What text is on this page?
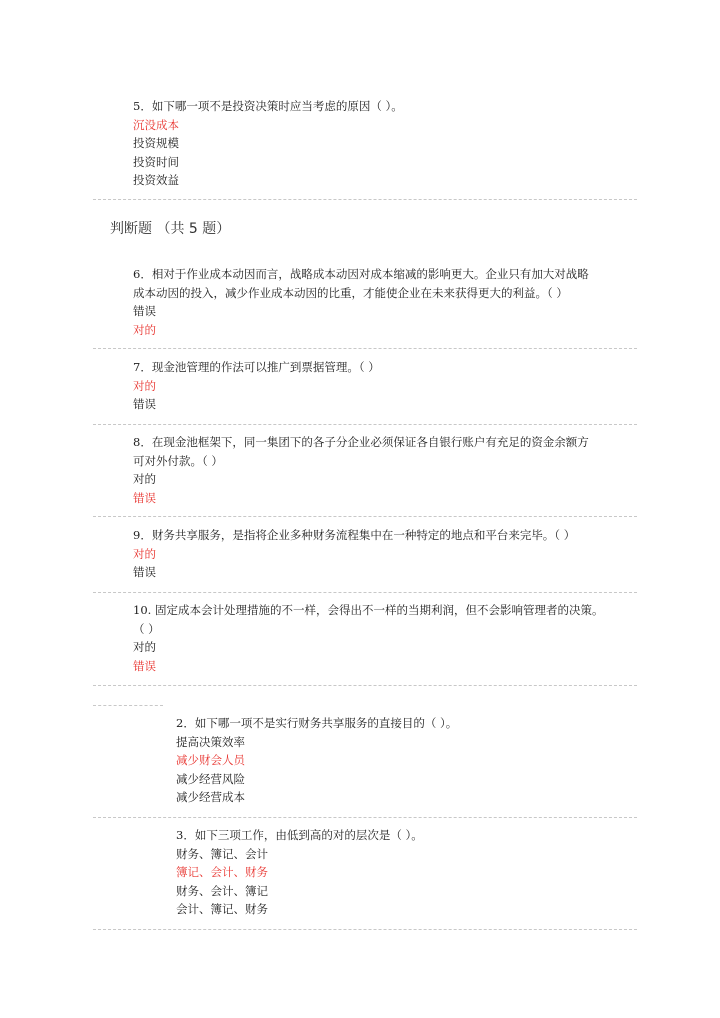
5．如下哪一项不是投资决策时应当考虑的原因（ ）。

沉没成本

投资规模

投资时间

投资效益

判断题 （共 5 题）

6．相对于作业成本动因而言，战略成本动因对成本缩减的影响更大。企业只有加大对战略

成本动因的投入，减少作业成本动因的比重，才能使企业在未来获得更大的利益。（ ）

错误

对的

7．现金池管理的作法可以推广到票据管理。（ ）

对的

错误

8．在现金池框架下，同一集团下的各子分企业必须保证各自银行账户有充足的资金余额方

可对外付款。（ ）

对的

错误

9．财务共享服务，是指将企业多种财务流程集中在一种特定的地点和平台来完毕。（ ）

对的

错误

10. 固定成本会计处理措施的不一样，会得出不一样的当期利润，但不会影响管理者的决策。

（ ）

对的

错误

2．如下哪一项不是实行财务共享服务的直接目的（ ）。

提高决策效率

减少财会人员

减少经营风险

减少经营成本

3．如下三项工作，由低到高的对的层次是（ ）。

财务、簿记、会计

簿记、会计、财务

财务、会计、簿记

会计、簿记、财务
